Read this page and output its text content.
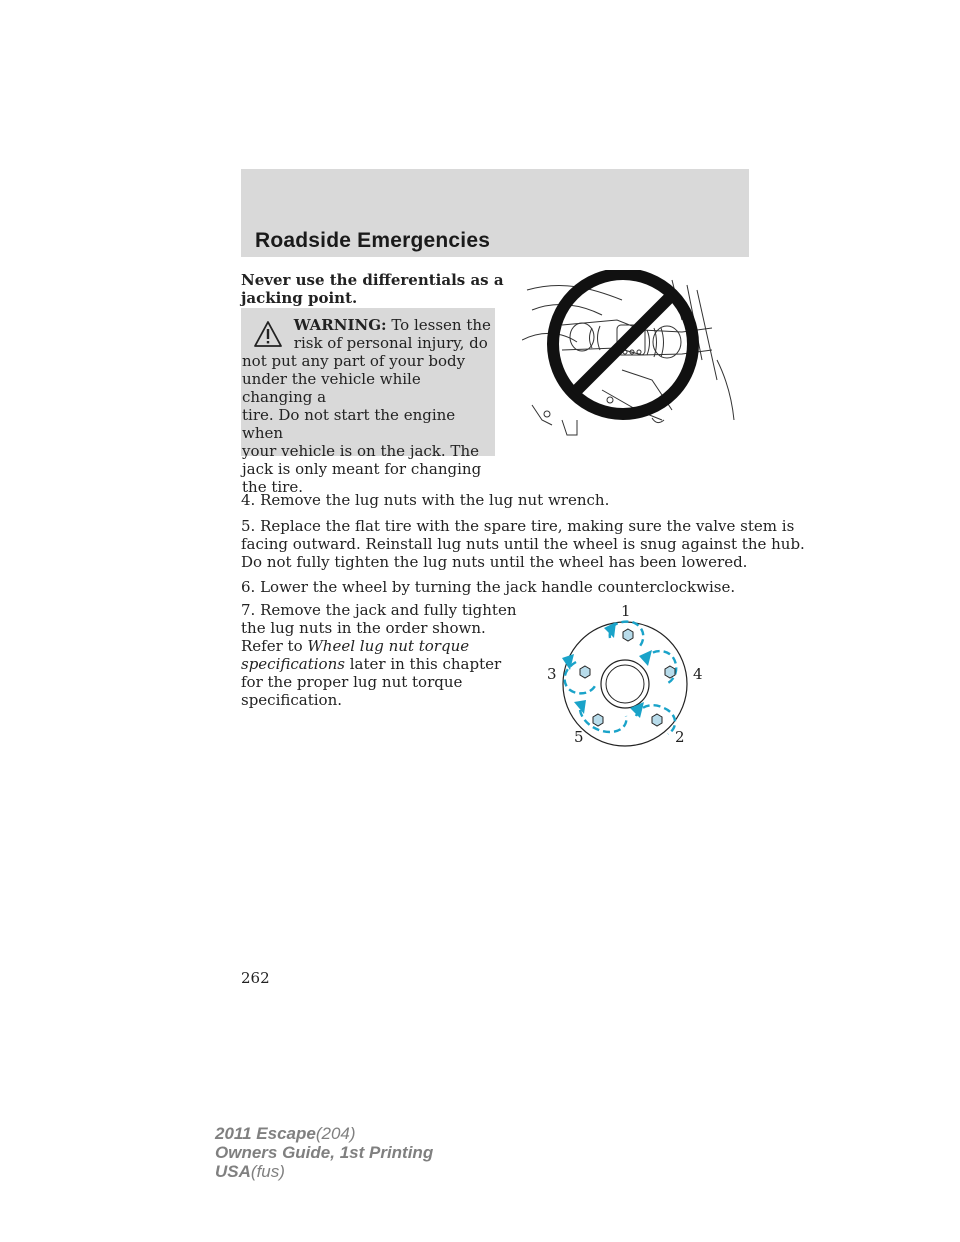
Roadside Emergencies

Never use the differentials as a
jacking point.

WARNING: To lessen the
risk of personal injury, do
not put any part of your body
under the vehicle while changing a
tire. Do not start the engine when
your vehicle is on the jack. The
jack is only meant for changing
the tire.

4. Remove the lug nuts with the lug nut wrench.

5. Replace the flat tire with the spare tire, making sure the valve stem is
facing outward. Reinstall lug nuts until the wheel is snug against the hub.
Do not fully tighten the lug nuts until the wheel has been lowered.

6. Lower the wheel by turning the jack handle counterclockwise.

7. Remove the jack and fully tighten
the lug nuts in the order shown.
Refer to Wheel lug nut torque
specifications later in this chapter
for the proper lug nut torque
specification.

1
2
3	4
5
262
2011 Escape(204)
Owners Guide, 1st Printing
USA(fus)
